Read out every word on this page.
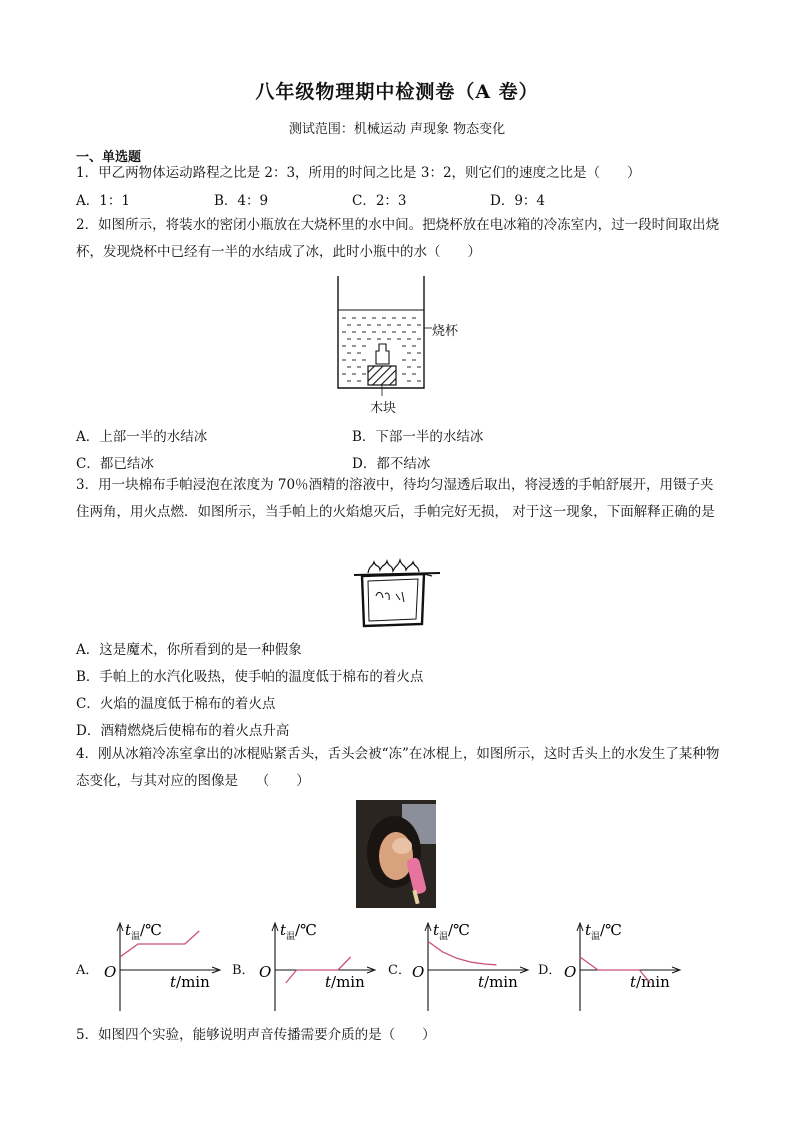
八年级物理期中检测卷（A 卷）
测试范围：机械运动 声现象 物态变化
一、单选题
1．甲乙两物体运动路程之比是 2：3，所用的时间之比是 3：2，则它们的速度之比是（　　）
A．1：1	B．4：9	C．2：3	D．9：4
2．如图所示，将装水的密闭小瓶放在大烧杯里的水中间。把烧杯放在电冰箱的冷冻室内，过一段时间取出烧杯，发现烧杯中已经有一半的水结成了冰，此时小瓶中的水（　　）
烧杯
木块
A．上部一半的水结冰	B．下部一半的水结冰
C．都已结冰	D．都不结冰
3．用一块棉布手帕浸泡在浓度为 70％酒精的溶液中，待均匀湿透后取出，将浸透的手帕舒展开，用镊子夹住两角，用火点燃．如图所示，当手帕上的火焰熄灭后，手帕完好无损， 对于这一现象，下面解释正确的是
A．这是魔术，你所看到的是一种假象
B．手帕上的水汽化吸热，使手帕的温度低于棉布的着火点
C．火焰的温度低于棉布的着火点
D．酒精燃烧后使棉布的着火点升高
4．刚从冰箱冷冻室拿出的冰棍贴紧舌头，舌头会被“冻”在冰棍上，如图所示，这时舌头上的水发生了某种物态变化，与其对应的图像是　 （　　）
A．	B．	C．	D．
O
$t_温/℃$
t/min
O
$t_温/℃$
t/min
O
$t_温/℃$
t/min
O
$t_温/℃$
t/min
5．如图四个实验，能够说明声音传播需要介质的是（　　）
